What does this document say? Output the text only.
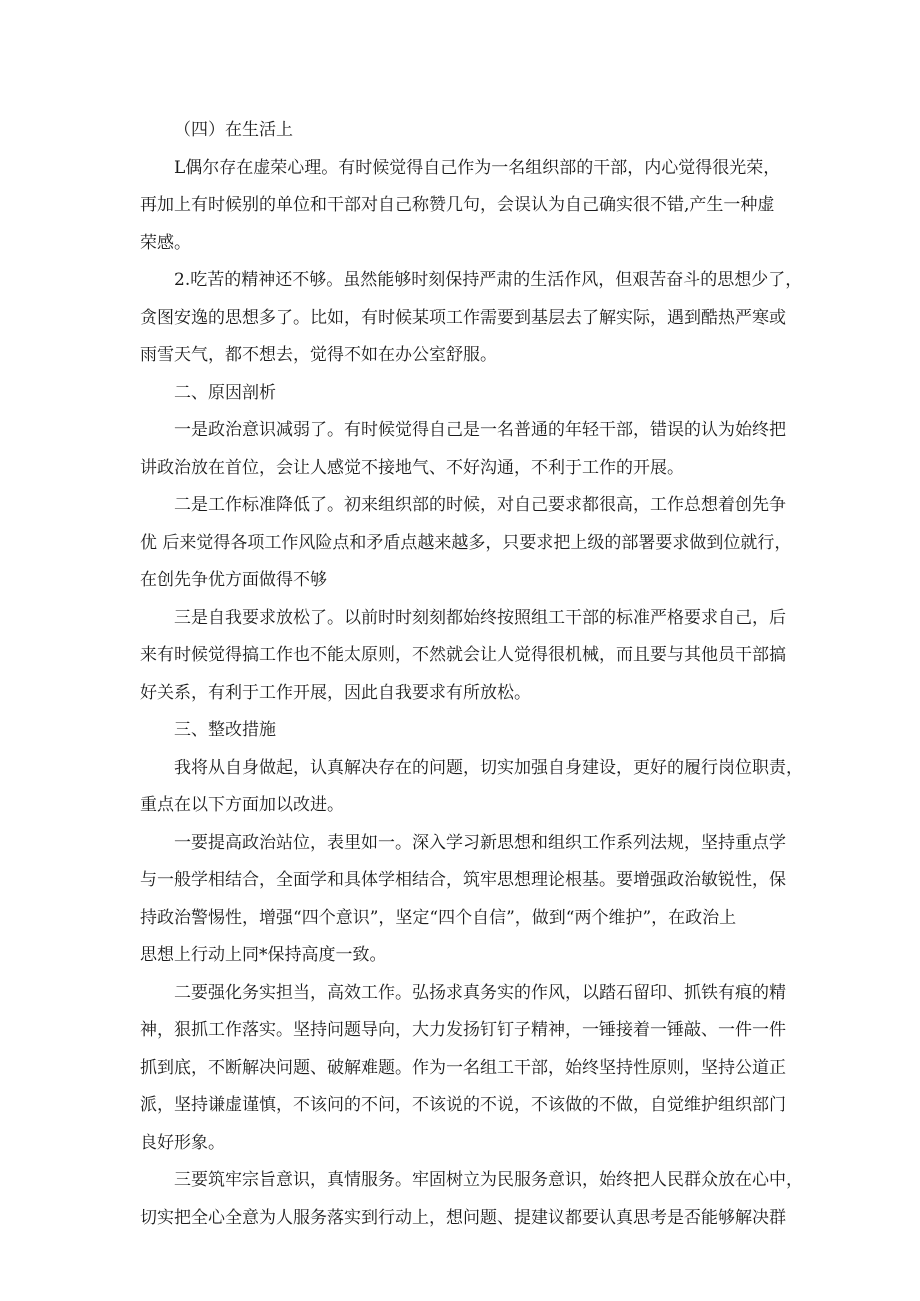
（四）在生活上
L偶尔存在虚荣心理。有时候觉得自己作为一名组织部的干部，内心觉得很光荣，
再加上有时候别的单位和干部对自己称赞几句，会误认为自己确实很不错,产生一种虚
荣感。
2.吃苦的精神还不够。虽然能够时刻保持严肃的生活作风，但艰苦奋斗的思想少了，
贪图安逸的思想多了。比如，有时候某项工作需要到基层去了解实际，遇到酷热严寒或
雨雪天气，都不想去，觉得不如在办公室舒服。
二、原因剖析
一是政治意识减弱了。有时候觉得自己是一名普通的年轻干部，错误的认为始终把
讲政治放在首位，会让人感觉不接地气、不好沟通，不利于工作的开展。
二是工作标准降低了。初来组织部的时候，对自己要求都很高，工作总想着创先争
优 后来觉得各项工作风险点和矛盾点越来越多，只要求把上级的部署要求做到位就行，
在创先争优方面做得不够
三是自我要求放松了。以前时时刻刻都始终按照组工干部的标准严格要求自己，后
来有时候觉得搞工作也不能太原则，不然就会让人觉得很机械，而且要与其他员干部搞
好关系，有利于工作开展，因此自我要求有所放松。
三、整改措施
我将从自身做起，认真解决存在的问题，切实加强自身建设，更好的履行岗位职责，
重点在以下方面加以改进。
一要提高政治站位，表里如一。深入学习新思想和组织工作系列法规，坚持重点学
与一般学相结合，全面学和具体学相结合，筑牢思想理论根基。要增强政治敏锐性，保
持政治警惕性，增强“四个意识”，坚定“四个自信”，做到“两个维护”，在政治上
思想上行动上同*保持高度一致。
二要强化务实担当，高效工作。弘扬求真务实的作风，以踏石留印、抓铁有痕的精
神，狠抓工作落实。坚持问题导向，大力发扬钉钉子精神，一锤接着一锤敲、一件一件
抓到底，不断解决问题、破解难题。作为一名组工干部，始终坚持性原则，坚持公道正
派，坚持谦虚谨慎，不该问的不问，不该说的不说，不该做的不做，自觉维护组织部门
良好形象。
三要筑牢宗旨意识，真情服务。牢固树立为民服务意识，始终把人民群众放在心中，
切实把全心全意为人服务落实到行动上，想问题、提建议都要认真思考是否能够解决群
